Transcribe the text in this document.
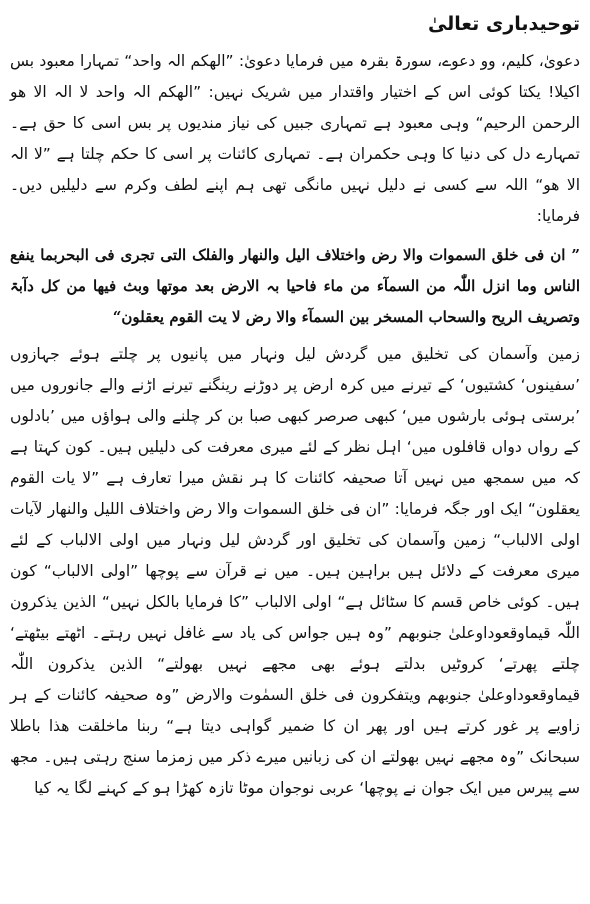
توحیدباری تعالیٰ

دعویٰ، کلیم، وو دعوے، سورۃ بقرہ میں فرمایا دعویٰ: ”الھکم الہ واحد“ تمہارا معبود بس اکیلا! یکتا کوئی اس کے اختیار واقتدار میں شریک نہیں: ”الھکم الہ واحد لا الہ الا ھو الرحمن الرحیم“ وہی معبود ہے تمہاری جبیں کی نیاز مندیوں پر بس اسی کا حق ہے۔ تمہارے دل کی دنیا کا وہی حکمران ہے۔ تمہاری کائنات پر اسی کا حکم چلتا ہے ”لا الہ الا ھو“ اللہ سے کسی نے دلیل نہیں مانگی تھی ہم اپنے لطف وکرم سے دلیلیں دیں۔ فرمایا:

” ان فی خلق السموات والا رض واختلاف الیل والنھار والفلک التی تجری فی البحربما ینفع الناس وما انزل اللّٰہ من السمآء من ماء فاحیا بہ الارض بعد موتھا وبث فیھا من کل دآبۃ وتصریف الریح والسحاب المسخر بین السمآء والا رض لا یت القوم یعقلون“

زمین وآسمان کی تخلیق میں گردش لیل ونہار میں پانیوں پر چلتے ہوئے جہازوں ’سفینوں‘ کشتیوں‘ کے تیرنے میں کرہ ارض پر دوڑنے رینگنے تیرنے اڑنے والے جانوروں میں ’برستی ہوئی بارشوں میں‘ کبھی صرصر کبھی صبا بن کر چلنے والی ہواؤں میں ’بادلوں کے رواں دواں قافلوں میں‘ اہل نظر کے لئے میری معرفت کی دلیلیں ہیں۔ کون کہتا ہے کہ میں سمجھ میں نہیں آتا صحیفہ کائنات کا ہر نقش میرا تعارف ہے ”لا یات القوم یعقلون“ ایک اور جگہ فرمایا: ”ان فی خلق السموات والا رض واختلاف اللیل والنھار لآیات اولی الالباب“ زمین وآسمان کی تخلیق اور گردش لیل ونہار میں اولی الالباب کے لئے میری معرفت کے دلائل ہیں براہین ہیں۔ میں نے قرآن سے پوچھا ”اولی الالباب“ کون ہیں۔ کوئی خاص قسم کا سٹائل ہے“ اولی الالباب ”کا فرمایا بالکل نہیں“ الذین یذکرون اللّٰہ قیماوقعوداوعلیٰ جنوبھم ”وہ ہیں جواس کی یاد سے غافل نہیں رہتے۔ اٹھتے بیٹھتے‘ چلتے پھرتے‘ کروٹیں بدلتے ہوئے بھی مجھے نہیں بھولتے“ الذین یذکرون اللّٰہ قیماوقعوداوعلیٰ جنوبھم ویتفکرون فی خلق السمٰوت والارض ”وہ صحیفہ کائنات کے ہر زاویے پر غور کرتے ہیں اور پھر ان کا ضمیر گواہی دیتا ہے“ ربنا ماخلقت ھذا باطلا سبحانک ”وہ مجھے نہیں بھولتے ان کی زبانیں میرے ذکر میں زمزما سنج رہتی ہیں۔ مجھ سے پیرس میں ایک جوان نے پوچھا‘ عربی نوجوان موٹا تازہ کھڑا ہو کے کہنے لگا یہ کیا
